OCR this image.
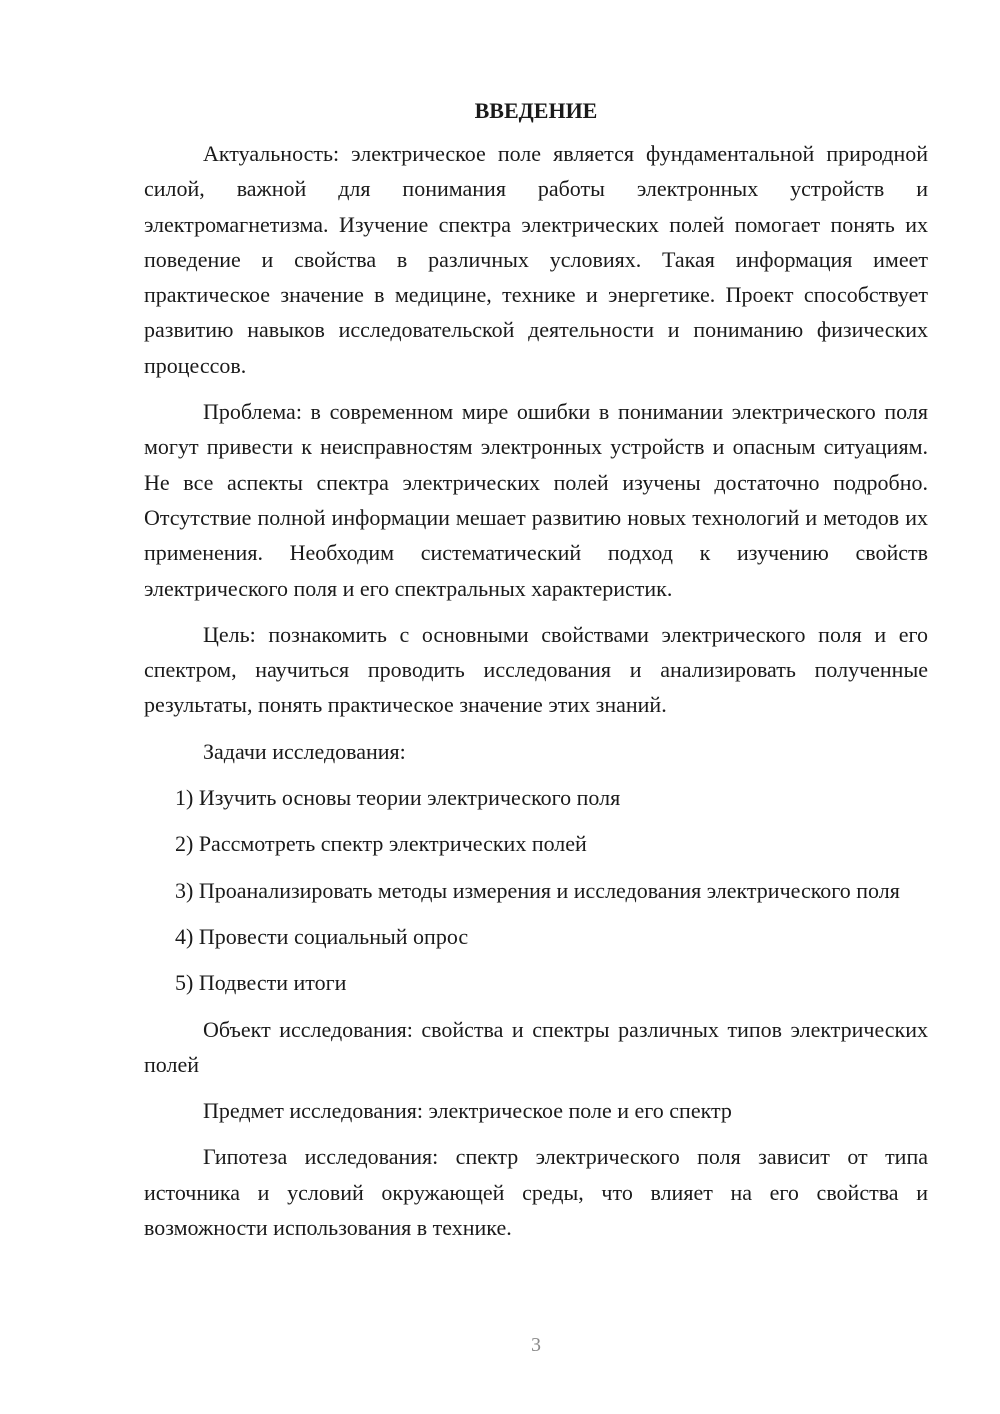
ВВЕДЕНИЕ

Актуальность: электрическое поле является фундаментальной природной силой, важной для понимания работы электронных устройств и электромагнетизма. Изучение спектра электрических полей помогает понять их поведение и свойства в различных условиях. Такая информация имеет практическое значение в медицине, технике и энергетике. Проект способствует развитию навыков исследовательской деятельности и пониманию физических процессов.

Проблема: в современном мире ошибки в понимании электрического поля могут привести к неисправностям электронных устройств и опасным ситуациям. Не все аспекты спектра электрических полей изучены достаточно подробно. Отсутствие полной информации мешает развитию новых технологий и методов их применения. Необходим систематический подход к изучению свойств электрического поля и его спектральных характеристик.

Цель: познакомить с основными свойствами электрического поля и его спектром, научиться проводить исследования и анализировать полученные результаты, понять практическое значение этих знаний.

Задачи исследования:

1) Изучить основы теории электрического поля

2) Рассмотреть спектр электрических полей

3) Проанализировать методы измерения и исследования электрического поля

4) Провести социальный опрос

5) Подвести итоги

Объект исследования: свойства и спектры различных типов электрических полей

Предмет исследования: электрическое поле и его спектр

Гипотеза исследования: спектр электрического поля зависит от типа источника и условий окружающей среды, что влияет на его свойства и возможности использования в технике.

3
